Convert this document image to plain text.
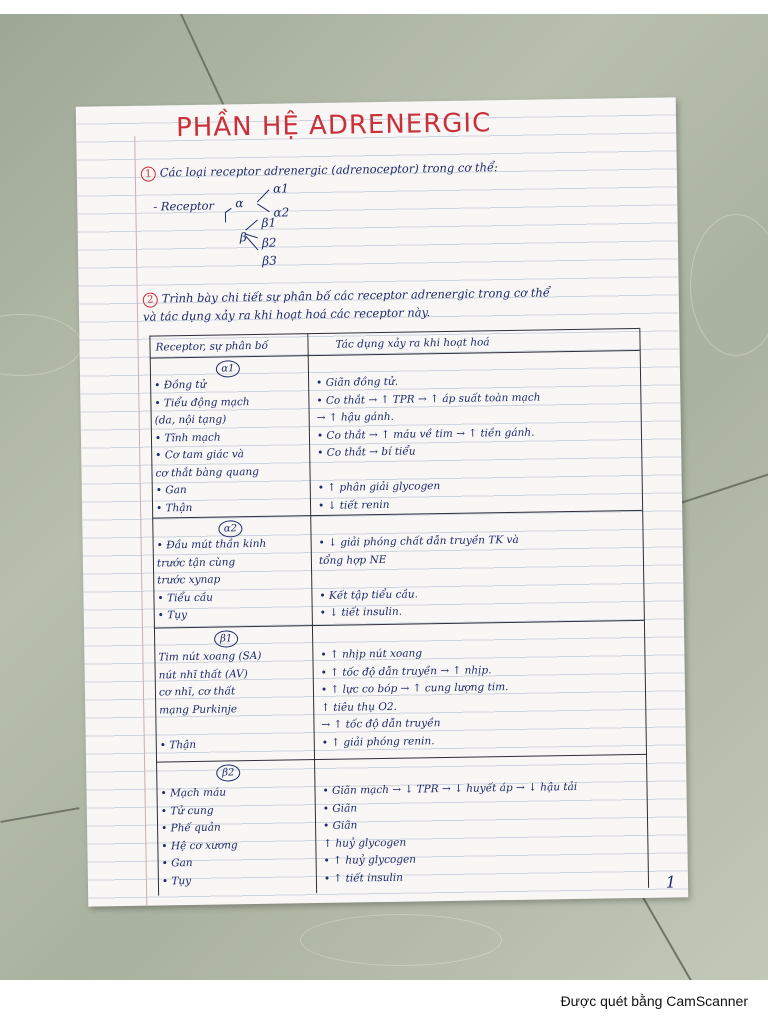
PHẦN HỆ ADRENERGIC
1 Các loại receptor adrenergic (adrenoceptor) trong cơ thể:
- Receptor α
α1
α2
β
β1
β2
β3
2 Trình bày chi tiết sự phân bố các receptor adrenergic trong cơ thể
và tác dụng xảy ra khi hoạt hoá các receptor này.
Receptor, sự phân bố	Tác dụng xảy ra khi hoạt hoá
α1
• Đồng tử
• Tiểu động mạch
(da, nội tạng)
• Tĩnh mạch
• Cơ tam giác và
cơ thắt bàng quang
• Gan
• Thận
• Giãn đồng tử.
• Co thắt → ↑ TPR → ↑ áp suất toàn mạch
→ ↑ hậu gánh.
• Co thắt → ↑ máu về tim → ↑ tiền gánh.
• Co thắt → bí tiểu
• ↑ phân giải glycogen
• ↓ tiết renin
α2
• Đầu mút thần kinh
trước tận cùng
trước xynap
• Tiểu cầu
• Tụy
• ↓ giải phóng chất dẫn truyền TK và
tổng hợp NE
• Kết tập tiểu cầu.
• ↓ tiết insulin.
β1
Tim nút xoang (SA)
nút nhĩ thất (AV)
cơ nhĩ, cơ thất
mạng Purkinje
• Thận
• ↑ nhịp nút xoang
• ↑ tốc độ dẫn truyền → ↑ nhịp.
• ↑ lực co bóp → ↑ cung lượng tim.
↑ tiêu thụ O2.
→ ↑ tốc độ dẫn truyền
• ↑ giải phóng renin.
β2
• Mạch máu
• Tử cung
• Phế quản
• Hệ cơ xương
• Gan
• Tụy
• Giãn mạch → ↓ TPR → ↓ huyết áp → ↓ hậu tải
• Giãn
• Giãn
↑ huỷ glycogen
• ↑ huỷ glycogen
• ↑ tiết insulin	1
Được quét bằng CamScanner
